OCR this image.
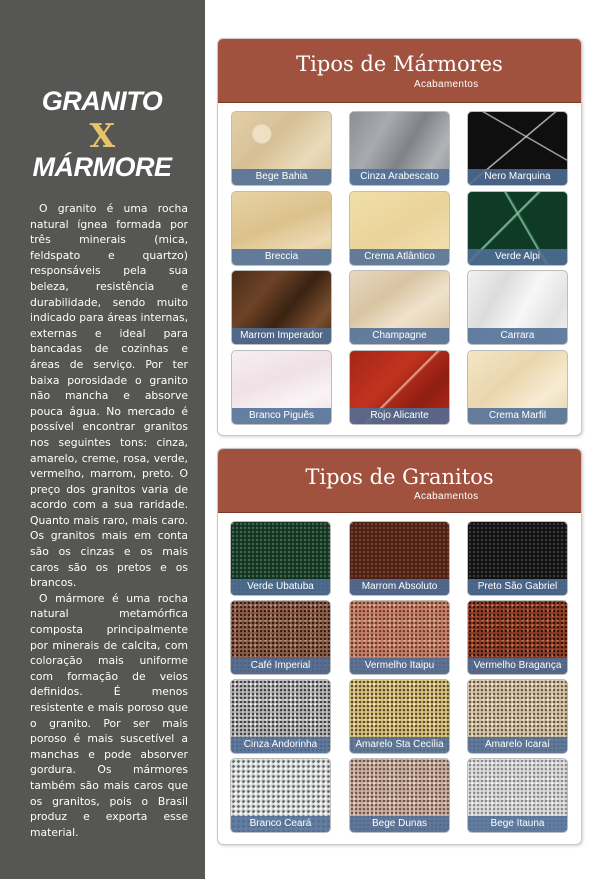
GRANITO
X
MÁRMORE

O granito é uma rocha natural ígnea formada por três minerais (mica, feldspato e quartzo) responsáveis pela sua beleza, resistência e durabilidade, sendo muito indicado para áreas internas, externas e ideal para bancadas de cozinhas e áreas de serviço. Por ter baixa porosidade o granito não mancha e absorve pouca água. No mercado é possível encontrar granitos nos seguintes tons: cinza, amarelo, creme, rosa, verde, vermelho, marrom, preto. O preço dos granitos varia de acordo com a sua raridade. Quanto mais raro, mais caro. Os granitos mais em conta são os cinzas e os mais caros são os pretos e os brancos.

O mármore é uma rocha natural metamórfica composta principalmente por minerais de calcita, com coloração mais uniforme com formação de veios definidos. É menos resistente e mais poroso que o granito. Por ser mais poroso é mais suscetível a manchas e pode absorver gordura. Os mármores também são mais caros que os granitos, pois o Brasil produz e exporta esse material.

Tipos de Mármores
Acabamentos
Bege Bahia	Cinza Arabescato	Nero Marquina
Breccia	Crema Atlântico	Verde Alpi
Marrom Imperador	Champagne	Carrara
Branco Piguês	Rojo Alicante	Crema Marfil
Tipos de Granitos
Acabamentos
Verde Ubatuba	Marrom Absoluto	Preto São Gabriel
Café Imperial	Vermelho Itaipu	Vermelho Bragança
Cinza Andorinha	Amarelo Sta Cecília	Amarelo Icaraí
Branco Ceará	Bege Dunas	Bege Itauna
